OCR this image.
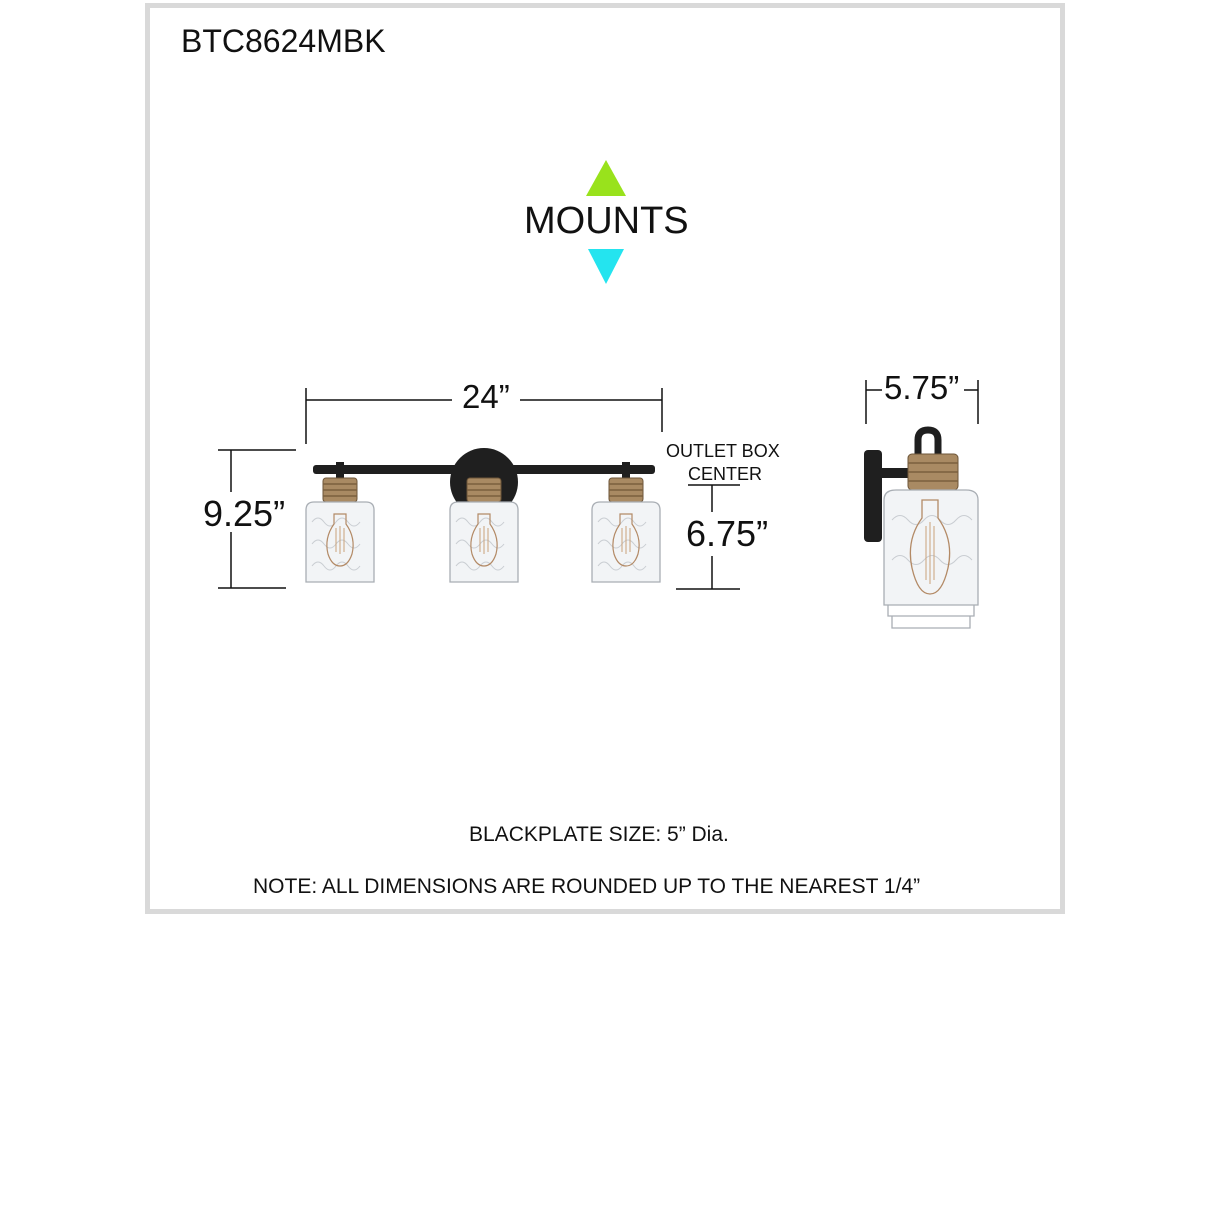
BTC8624MBK
MOUNTS
24”
9.25”
OUTLET BOX
CENTER
6.75”
5.75”
BLACKPLATE SIZE: 5” Dia.
NOTE: ALL DIMENSIONS ARE ROUNDED UP TO THE NEAREST 1/4”
